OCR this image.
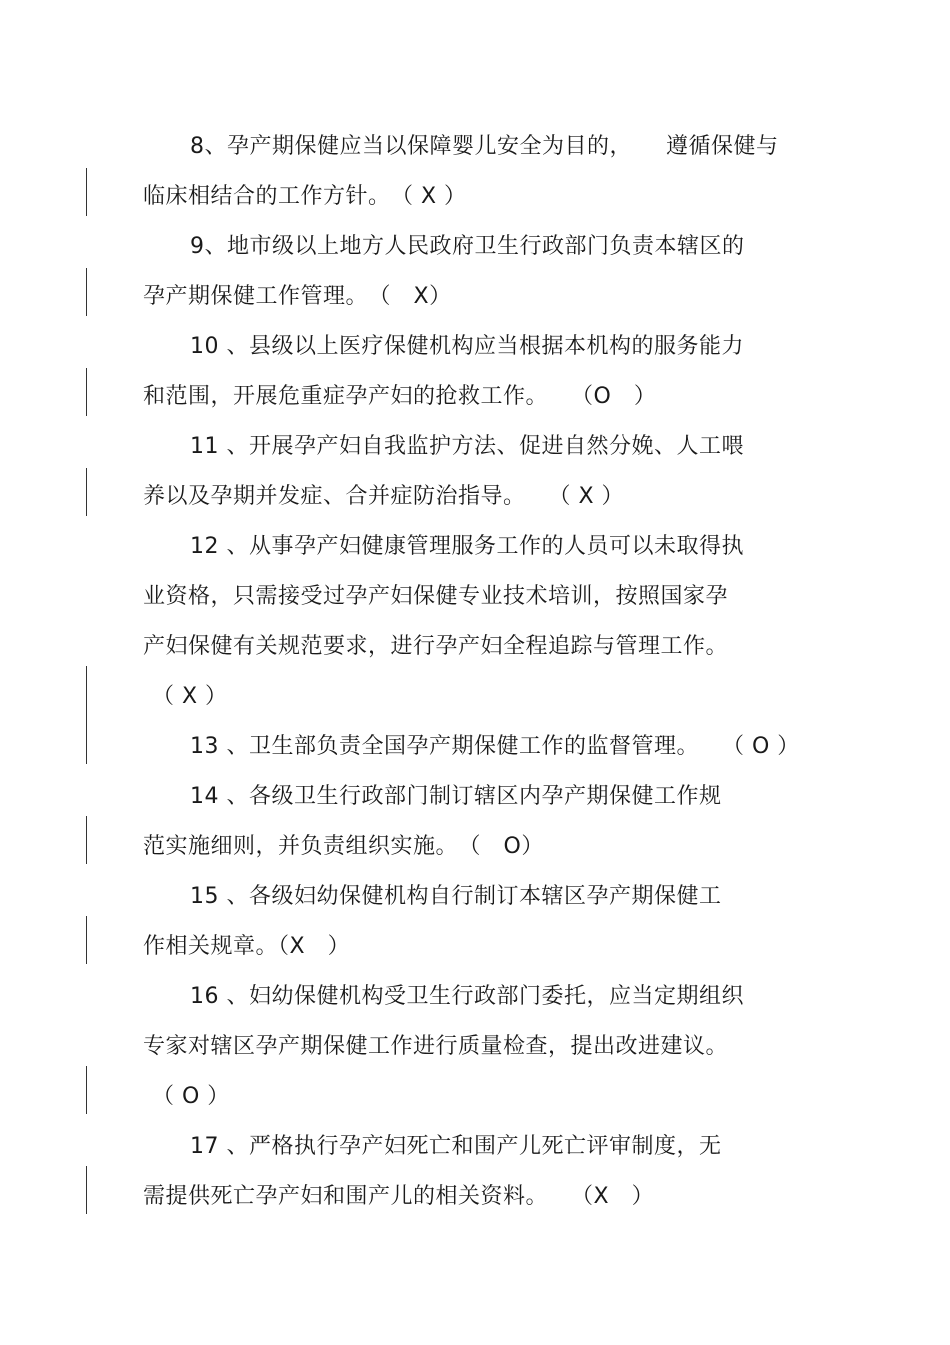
8、孕产期保健应当以保障婴儿安全为目的，　　遵循保健与
临床相结合的工作方针。　（ X ）
9、地市级以上地方人民政府卫生行政部门负责本辖区的
孕产期保健工作管理。　（　X）
10 、县级以上医疗保健机构应当根据本机构的服务能力
和范围，开展危重症孕产妇的抢救工作。　　（O　）
11 、开展孕产妇自我监护方法、促进自然分娩、人工喂
养以及孕期并发症、合并症防治指导。　　（ X ）
12 、从事孕产妇健康管理服务工作的人员可以未取得执
业资格，只需接受过孕产妇保健专业技术培训，按照国家孕
产妇保健有关规范要求，进行孕产妇全程追踪与管理工作。
（ X ）
13 、卫生部负责全国孕产期保健工作的监督管理。　　（ O ）
14 、各级卫生行政部门制订辖区内孕产期保健工作规
范实施细则，并负责组织实施。　（　O）
15 、各级妇幼保健机构自行制订本辖区孕产期保健工
作相关规章。（X　）
16 、妇幼保健机构受卫生行政部门委托，应当定期组织
专家对辖区孕产期保健工作进行质量检查，提出改进建议。
（ O ）
17 、严格执行孕产妇死亡和围产儿死亡评审制度，无
需提供死亡孕产妇和围产儿的相关资料。　　（X　）
